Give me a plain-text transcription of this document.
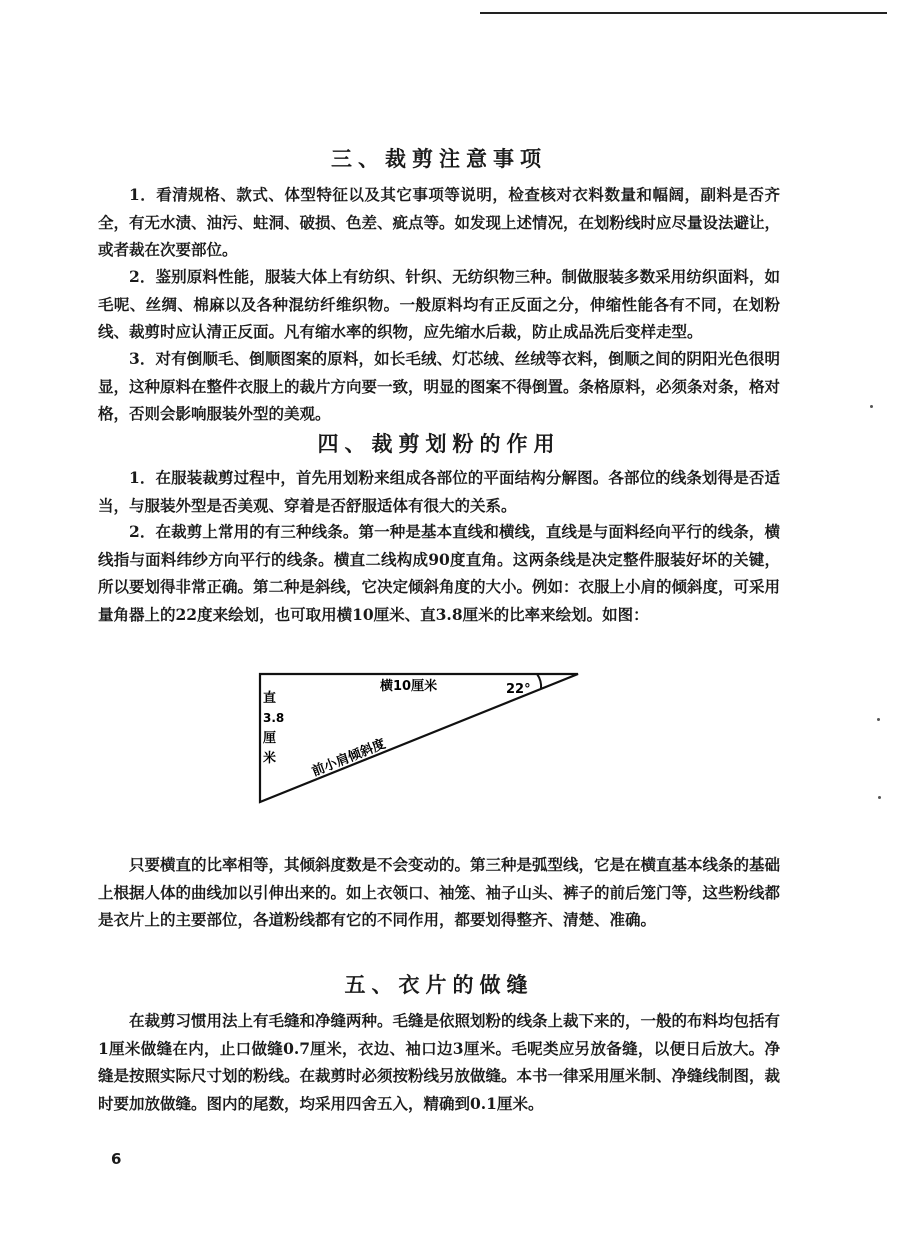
三、裁剪注意事项

1．看清规格、款式、体型特征以及其它事项等说明，检查核对衣料数量和幅阔，副料是否齐全，有无水渍、油污、蛀洞、破损、色差、疵点等。如发现上述情况，在划粉线时应尽量设法避让，或者裁在次要部位。

2．鉴别原料性能，服装大体上有纺织、针织、无纺织物三种。制做服装多数采用纺织面料，如毛呢、丝绸、棉麻以及各种混纺纤维织物。一般原料均有正反面之分，伸缩性能各有不同，在划粉线、裁剪时应认清正反面。凡有缩水率的织物，应先缩水后裁，防止成品洗后变样走型。

3．对有倒顺毛、倒顺图案的原料，如长毛绒、灯芯绒、丝绒等衣料，倒顺之间的阴阳光色很明显，这种原料在整件衣服上的裁片方向要一致，明显的图案不得倒置。条格原料，必须条对条，格对格，否则会影响服装外型的美观。

四、裁剪划粉的作用

1．在服装裁剪过程中，首先用划粉来组成各部位的平面结构分解图。各部位的线条划得是否适当，与服装外型是否美观、穿着是否舒服适体有很大的关系。

2．在裁剪上常用的有三种线条。第一种是基本直线和横线，直线是与面料经向平行的线条，横线指与面料纬纱方向平行的线条。横直二线构成90度直角。这两条线是决定整件服装好坏的关键，所以要划得非常正确。第二种是斜线，它决定倾斜角度的大小。例如：衣服上小肩的倾斜度，可采用量角器上的22度来绘划，也可取用横10厘米、直3.8厘米的比率来绘划。如图：

只要横直的比率相等，其倾斜度数是不会变动的。第三种是弧型线，它是在横直基本线条的基础上根据人体的曲线加以引伸出来的。如上衣领口、袖笼、袖子山头、裤子的前后笼门等，这些粉线都是衣片上的主要部位，各道粉线都有它的不同作用，都要划得整齐、清楚、准确。

五、衣片的做缝

在裁剪习惯用法上有毛缝和净缝两种。毛缝是依照划粉的线条上裁下来的，一般的布料均包括有1厘米做缝在内，止口做缝0.7厘米，衣边、袖口边3厘米。毛呢类应另放备缝，以便日后放大。净缝是按照实际尺寸划的粉线。在裁剪时必须按粉线另放做缝。本书一律采用厘米制、净缝线制图，裁时要加放做缝。图内的尾数，均采用四舍五入，精确到0.1厘米。

横10厘米	22°
直
3.8
厘
米	前小肩倾斜度
6
